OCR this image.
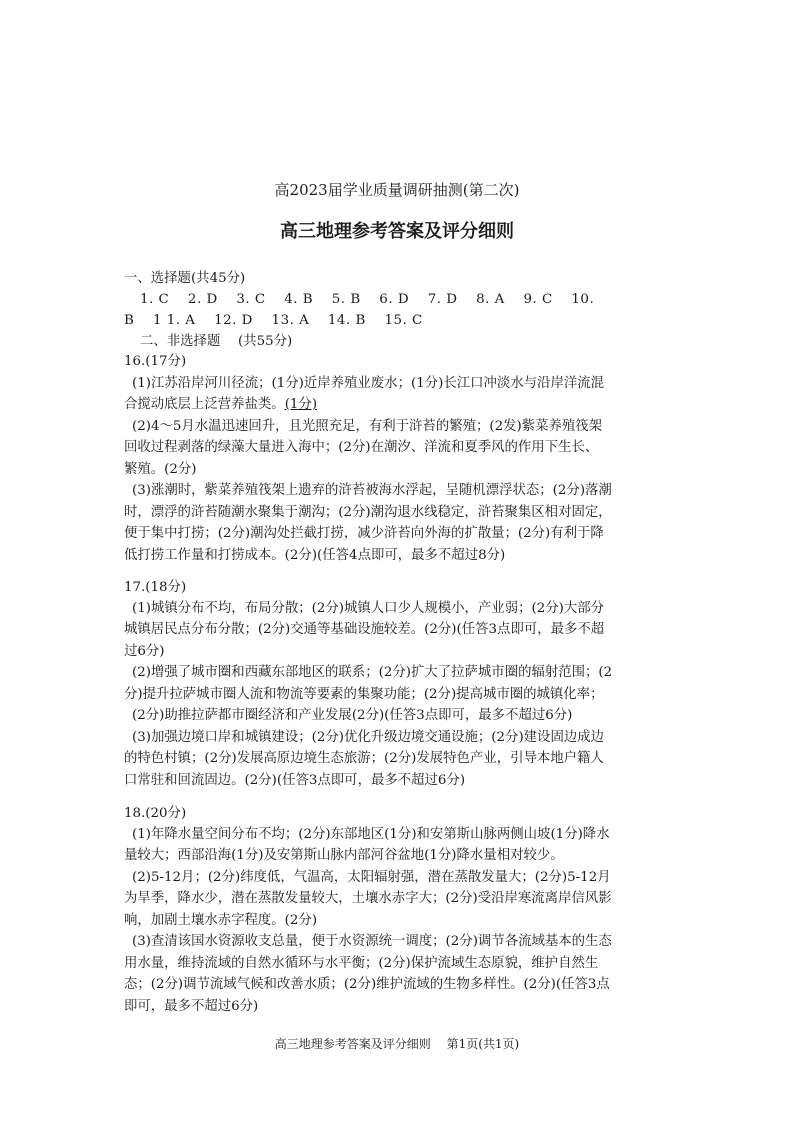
高2023届学业质量调研抽测(第二次)
高三地理参考答案及评分细则
一、选择题(共45分)
1. C　 2. D　 3. C　 4. B　 5. B　 6. D　 7. D　 8. A　 9. C　 10.
B　 1 1. A　 12. D　 13. A　 14. B　 15. C
二、非选择题　 (共55分)
16.(17分)
(1)江苏沿岸河川径流；(1分)近岸养殖业废水；(1分)长江口冲淡水与沿岸洋流混
合搅动底层上泛营养盐类。(1分)
(2)4～5月水温迅速回升，且光照充足，有利于浒苔的繁殖；(2发)紫菜养殖筏架
回收过程剥落的绿藻大量进入海中；(2分)在潮汐、洋流和夏季风的作用下生长、
繁殖。(2分)
(3)涨潮时，紫菜养殖筏架上遗弃的浒苔被海水浮起，呈随机漂浮状态；(2分)落潮
时，漂浮的浒苔随潮水聚集于潮沟；(2分)潮沟退水线稳定，浒苔聚集区相对固定，
便于集中打捞；(2分)潮沟处拦截打捞，减少浒苔向外海的扩散量；(2分)有利于降
低打捞工作量和打捞成本。(2分)(任答4点即可，最多不超过8分)
17.(18分)
(1)城镇分布不均，布局分散；(2分)城镇人口少人规模小，产业弱；(2分)大部分
城镇居民点分布分散；(2分)交通等基础设施较差。(2分)(任答3点即可，最多不超
过6分)
(2)增强了城市圈和西藏东部地区的联系；(2分)扩大了拉萨城市圈的辐射范围；(2
分)提升拉萨城市圈人流和物流等要素的集聚功能；(2分)提高城市圈的城镇化率；
(2分)助推拉萨都市圈经济和产业发展(2分)(任答3点即可，最多不超过6分)
(3)加强边境口岸和城镇建设；(2分)优化升级边境交通设施；(2分)建设固边成边
的特色村镇；(2分)发展高原边境生态旅游；(2分)发展特色产业，引导本地户籍人
口常驻和回流固边。(2分)(任答3点即可，最多不超过6分)
18.(20分)
(1)年降水量空间分布不均；(2分)东部地区(1分)和安第斯山脉两侧山坡(1分)降水
量较大；西部沿海(1分)及安第斯山脉内部河谷盆地(1分)降水量相对较少。
(2)5-12月；(2分)纬度低，气温高，太阳辐射强，潜在蒸散发量大；(2分)5-12月
为旱季，降水少，潜在蒸散发量较大，土壤水赤字大；(2分)受沿岸寒流离岸信风影
响，加剧土壤水赤字程度。(2分)
(3)查清该国水资源收支总量，便于水资源统一调度；(2分)调节各流域基本的生态
用水量，维持流域的自然水循环与水平衡；(2分)保护流域生态原貌，维护自然生
态；(2分)调节流域气候和改善水质；(2分)维护流域的生物多样性。(2分)(任答3点
即可，最多不超过6分)
高三地理参考答案及评分细则　 第1页(共1页)
